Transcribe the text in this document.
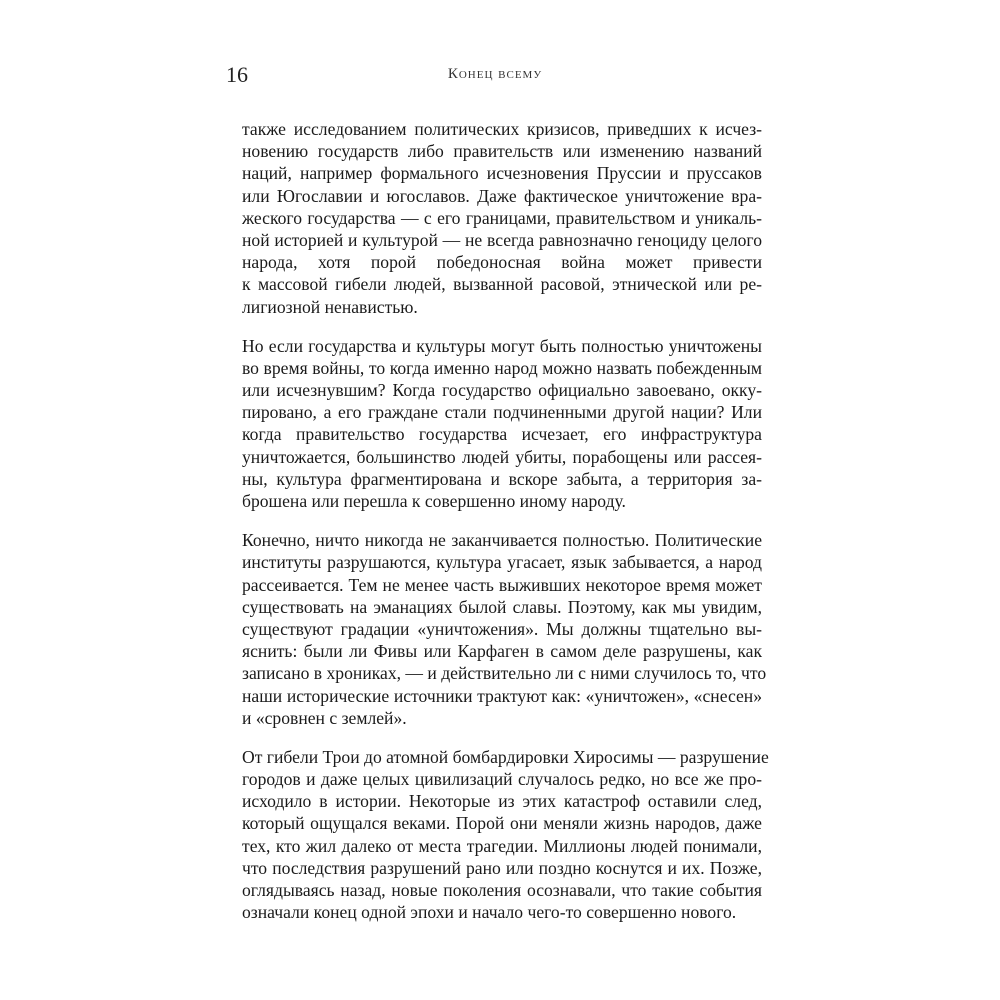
16	Конец всему
также исследованием политических кризисов, приведших к исчез-
новению государств либо правительств или изменению названий
наций, например формального исчезновения Пруссии и пруссаков
или Югославии и югославов. Даже фактическое уничтожение вра-
жеского государства — с его границами, правительством и уникаль-
ной историей и культурой — не всегда равнозначно геноциду целого
народа, хотя порой победоносная война может привести
к массовой гибели людей, вызванной расовой, этнической или ре-
лигиозной ненавистью.
Но если государства и культуры могут быть полностью уничтожены
во время войны, то когда именно народ можно назвать побежденным
или исчезнувшим? Когда государство официально завоевано, окку-
пировано, а его граждане стали подчиненными другой нации? Или
когда правительство государства исчезает, его инфраструктура
уничтожается, большинство людей убиты, порабощены или рассея-
ны, культура фрагментирована и вскоре забыта, а территория за-
брошена или перешла к совершенно иному народу.
Конечно, ничто никогда не заканчивается полностью. Политические
институты разрушаются, культура угасает, язык забывается, а народ
рассеивается. Тем не менее часть выживших некоторое время может
существовать на эманациях былой славы. Поэтому, как мы увидим,
существуют градации «уничтожения». Мы должны тщательно вы-
яснить: были ли Фивы или Карфаген в самом деле разрушены, как
записано в хрониках, — и действительно ли с ними случилось то, что
наши исторические источники трактуют как: «уничтожен», «снесен»
и «сровнен с землей».
От гибели Трои до атомной бомбардировки Хиросимы — разрушение
городов и даже целых цивилизаций случалось редко, но все же про-
исходило в истории. Некоторые из этих катастроф оставили след,
который ощущался веками. Порой они меняли жизнь народов, даже
тех, кто жил далеко от места трагедии. Миллионы людей понимали,
что последствия разрушений рано или поздно коснутся и их. Позже,
оглядываясь назад, новые поколения осознавали, что такие события
означали конец одной эпохи и начало чего-то совершенно нового.
